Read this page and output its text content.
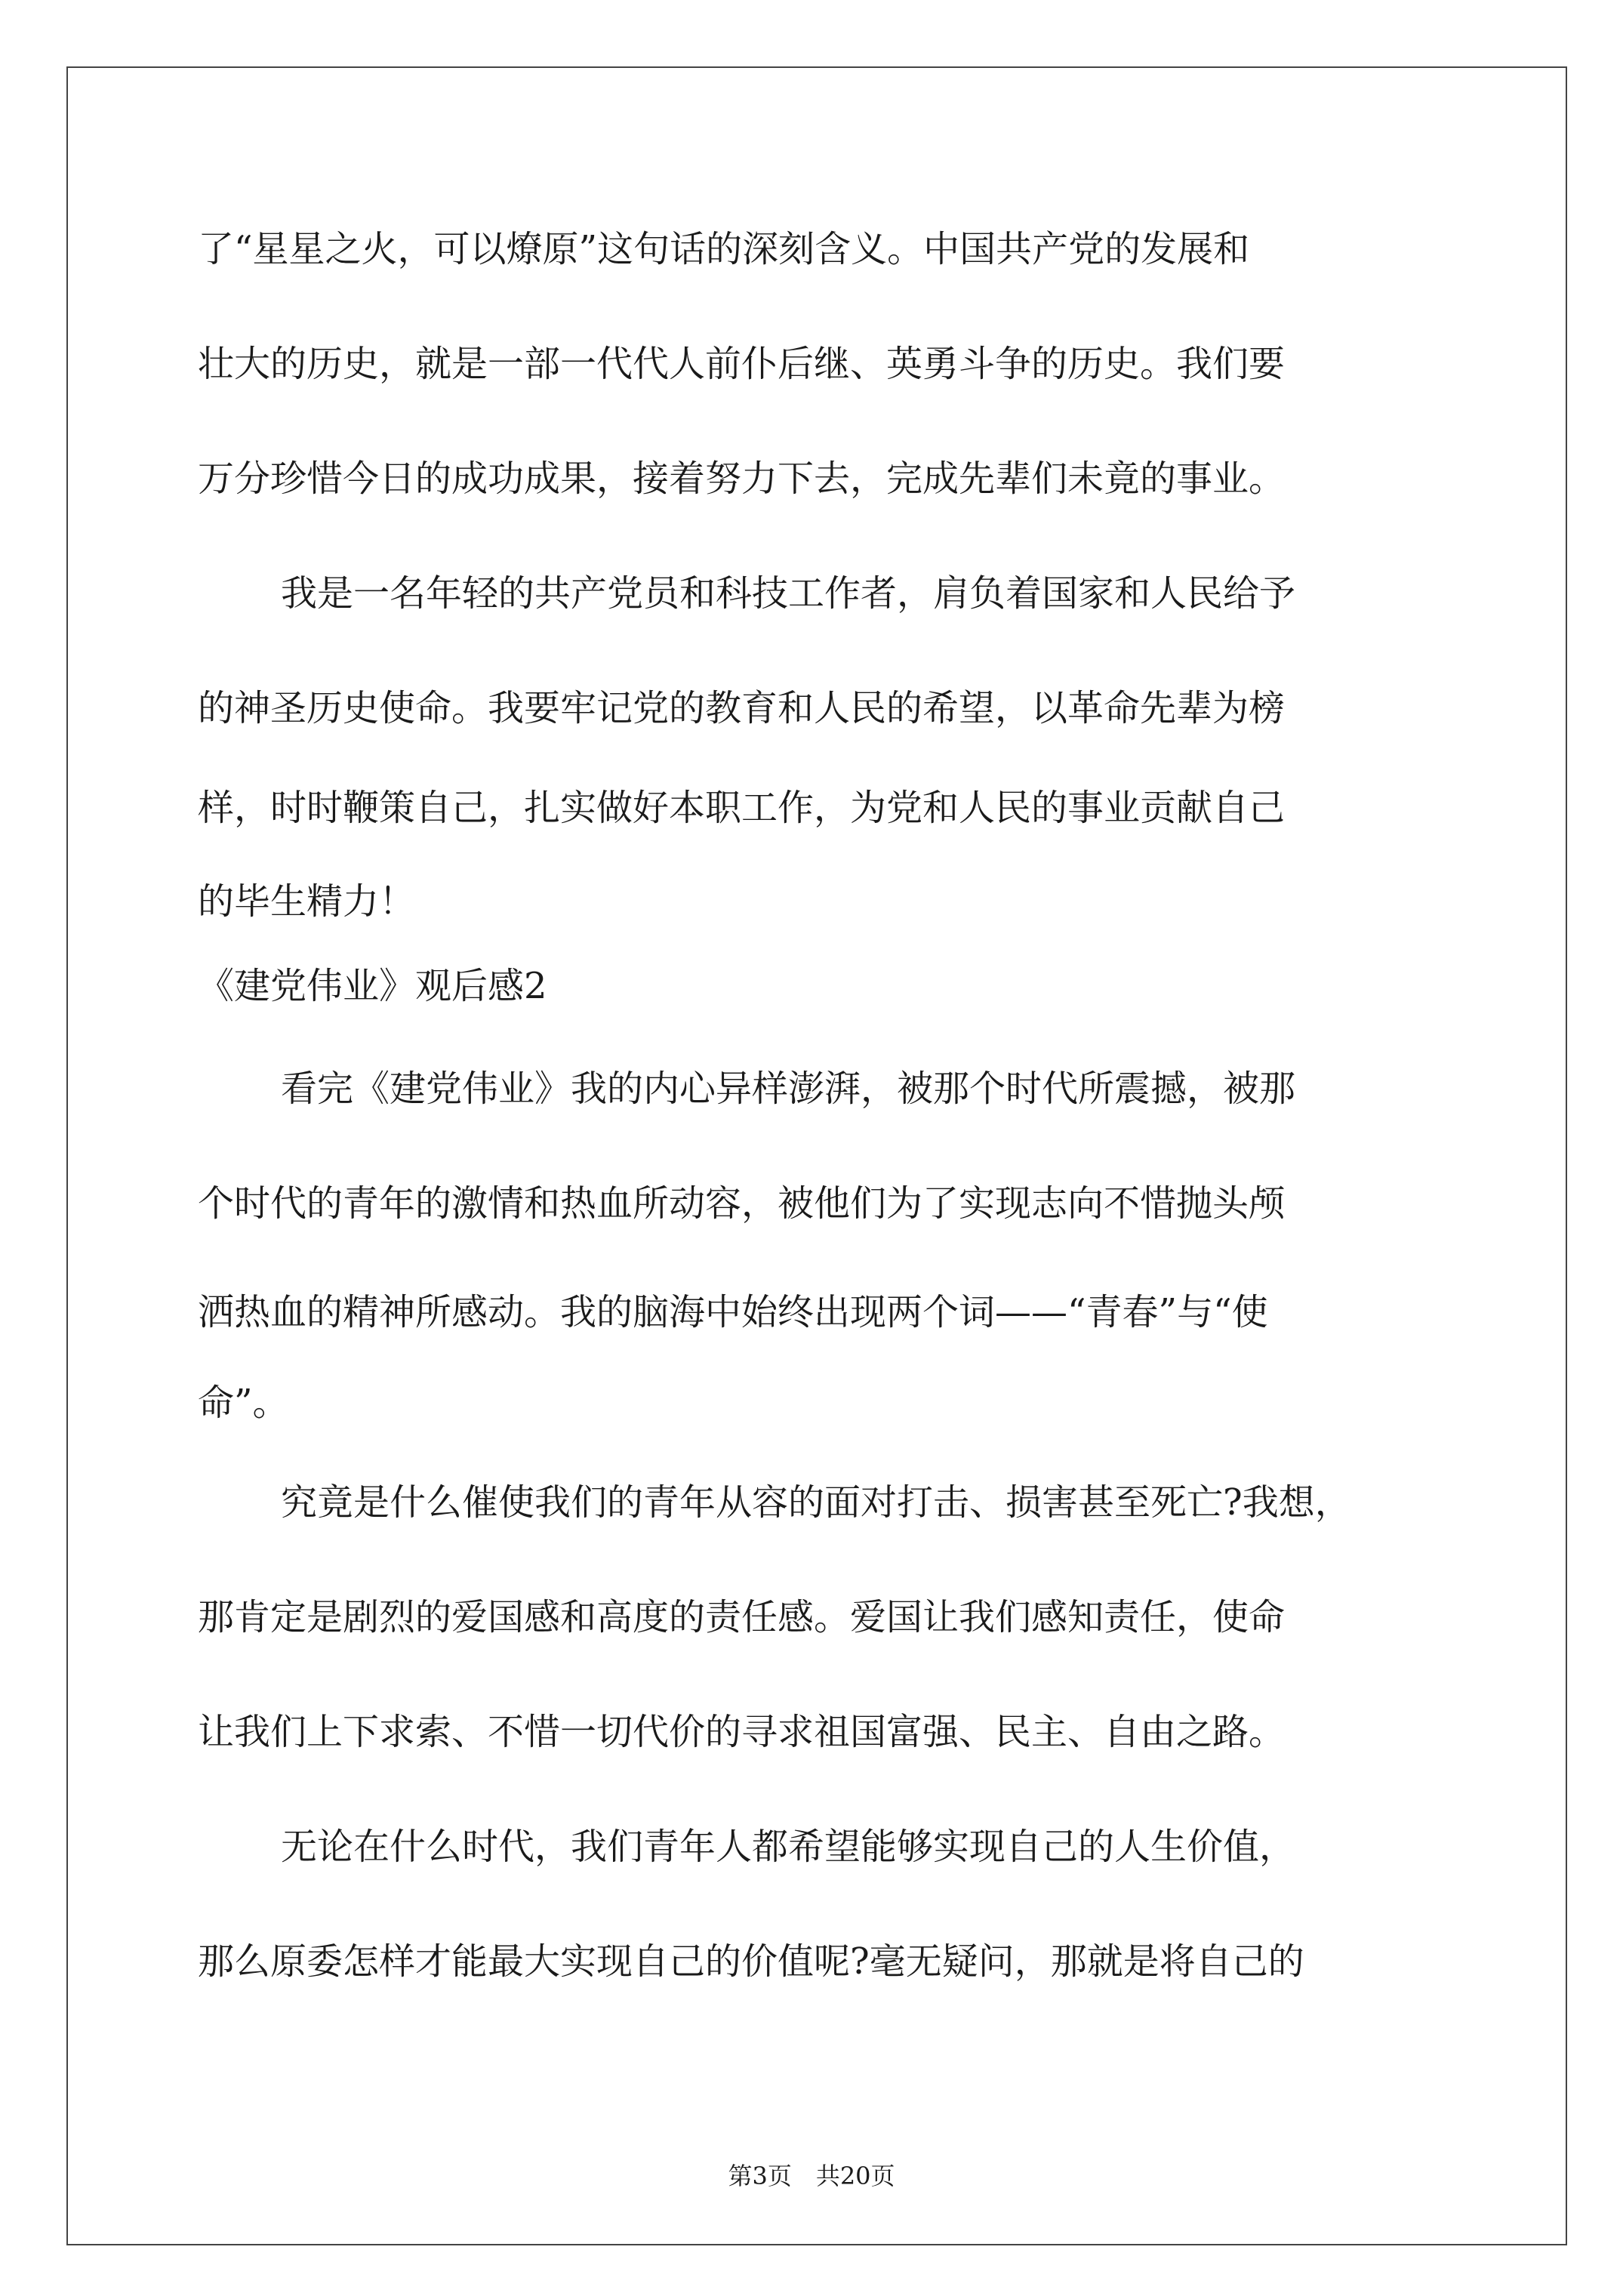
了“星星之火，可以燎原”这句话的深刻含义。中国共产党的发展和

壮大的历史，就是一部一代代人前仆后继、英勇斗争的历史。我们要

万分珍惜今日的成功成果，接着努力下去，完成先辈们未竟的事业。

我是一名年轻的共产党员和科技工作者，肩负着国家和人民给予

的神圣历史使命。我要牢记党的教育和人民的希望，以革命先辈为榜

样，时时鞭策自己，扎实做好本职工作，为党和人民的事业贡献自己

的毕生精力！

《建党伟业》观后感2

看完《建党伟业》我的内心异样澎湃，被那个时代所震撼，被那

个时代的青年的激情和热血所动容，被他们为了实现志向不惜抛头颅

洒热血的精神所感动。我的脑海中始终出现两个词——“青春”与“使

命”。

究竟是什么催使我们的青年从容的面对打击、损害甚至死亡?我想，

那肯定是剧烈的爱国感和高度的责任感。爱国让我们感知责任，使命

让我们上下求索、不惜一切代价的寻求祖国富强、民主、自由之路。

无论在什么时代，我们青年人都希望能够实现自己的人生价值，

那么原委怎样才能最大实现自己的价值呢?毫无疑问，那就是将自己的

第3页　共20页
